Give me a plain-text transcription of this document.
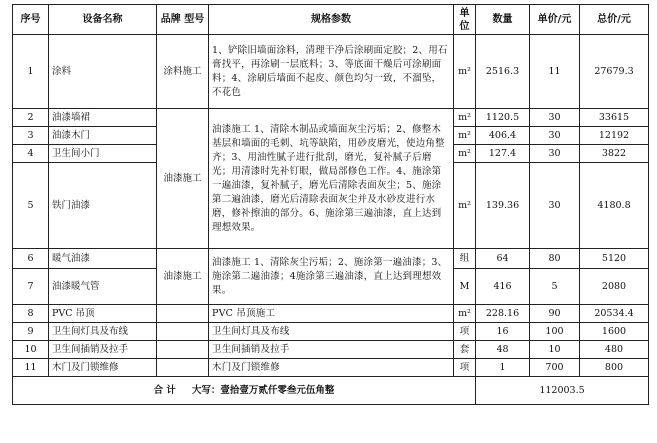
序号	设备名称	品牌 型号	规格参数	单位	数量	单价/元	总价/元
1	涂料	涂料施工	1、铲除旧墙面涂料，清理干净后涂刷面定胶；2、用石膏找平，再涂刷一层底料；3、等底面干燥后可涂刷面料；4、涂刷后墙面不起皮、颜色均匀一致，不溜坠，不花色	m²	2516.3	11	27679.3
2	油漆墙裙	油漆施工	油漆施工 1、清除木制品或墙面灰尘污垢；2、修整木基层和墙面的毛刺、坑等缺陷，用砂皮磨光，使边角整齐；3、用油性腻子进行批刮，磨光，复补腻子后磨光；用清漆时先补钉眼，做局部修色工作。4、施涂第一遍油漆，复补腻子，磨光后清除表面灰尘；5、施涂第二遍油漆，磨光后清除表面灰尘并及水砂皮进行水磨，修补擦油的部分。6、施涂第三遍油漆，直上达到理想效果。	m²	1120.5	30	33615
3	油漆木门			m²	406.4	30	12192
4	卫生间小门			m²	127.4	30	3822
5	铁门油漆			m²	139.36	30	4180.8
6	暖气油漆	油漆施工	油漆施工 1、清除灰尘污垢；2、施涂第一遍油漆；3、施涂第二遍油漆；4施涂第三遍油漆，直上达到理想效果。	组	64	80	5120
7	油漆暖气管			M	416	5	2080
8	PVC 吊顶		PVC 吊顶施工	m²	228.16	90	20534.4
9	卫生间灯具及布线		卫生间灯具及布线	项	16	100	1600
10	卫生间插销及拉手		卫生间插销及拉手	套	48	10	480
11	木门及门锁维修		木门及门锁维修	项	1	700	800
合 计 大写：壹拾壹万贰仟零叁元伍角整					112003.5		
